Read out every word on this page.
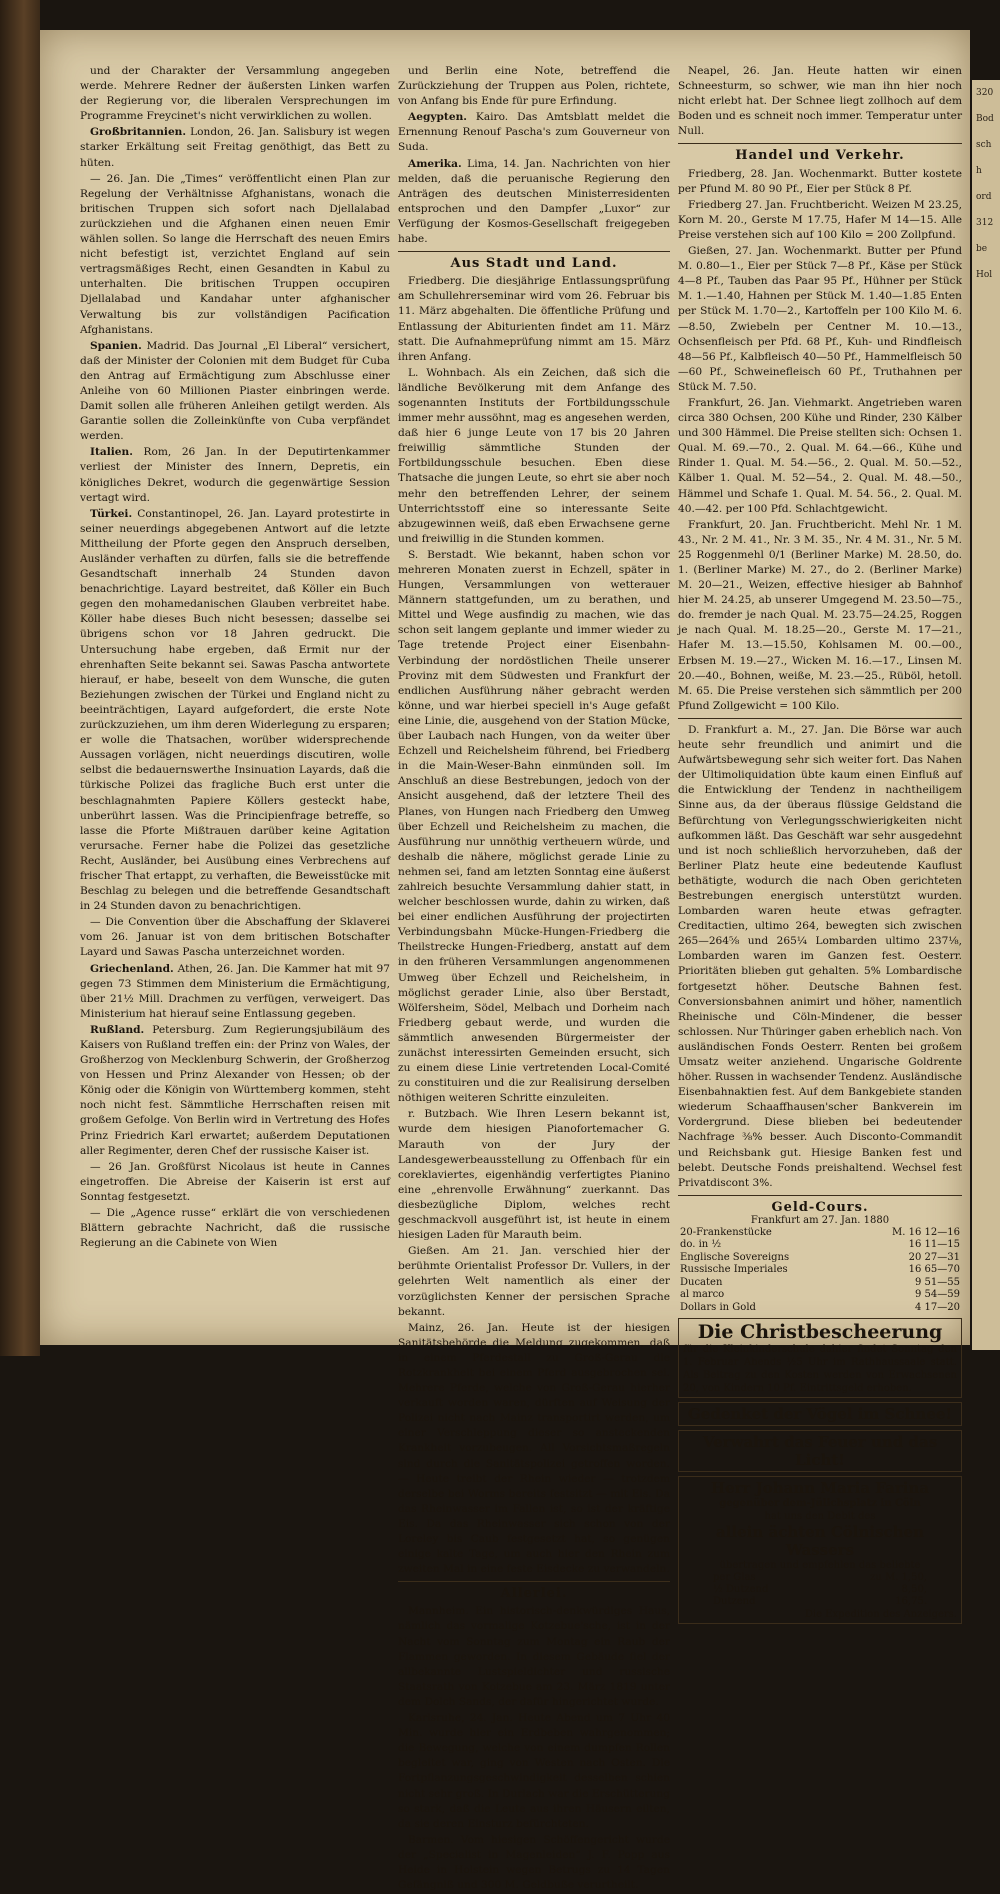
und der Charakter der Versammlung angegeben werde. Mehrere Redner der äußersten Linken warfen der Regierung vor, die liberalen Versprechungen im Programme Freycinet's nicht verwirklichen zu wollen.

Großbritannien. London, 26. Jan. Salisbury ist wegen starker Erkältung seit Freitag genöthigt, das Bett zu hüten.

— 26. Jan. Die „Times“ veröffentlicht einen Plan zur Regelung der Verhältnisse Afghanistans, wonach die britischen Truppen sich sofort nach Djellalabad zurückziehen und die Afghanen einen neuen Emir wählen sollen. So lange die Herrschaft des neuen Emirs nicht befestigt ist, verzichtet England auf sein vertragsmäßiges Recht, einen Gesandten in Kabul zu unterhalten. Die britischen Truppen occupiren Djellalabad und Kandahar unter afghanischer Verwaltung bis zur vollständigen Pacification Afghanistans.

Spanien. Madrid. Das Journal „El Liberal“ versichert, daß der Minister der Colonien mit dem Budget für Cuba den Antrag auf Ermächtigung zum Abschlusse einer Anleihe von 60 Millionen Piaster einbringen werde. Damit sollen alle früheren Anleihen getilgt werden. Als Garantie sollen die Zolleinkünfte von Cuba verpfändet werden.

Italien. Rom, 26 Jan. In der Deputirtenkammer verliest der Minister des Innern, Depretis, ein königliches Dekret, wodurch die gegenwärtige Session vertagt wird.

Türkei. Constantinopel, 26. Jan. Layard protestirte in seiner neuerdings abgegebenen Antwort auf die letzte Mittheilung der Pforte gegen den Anspruch derselben, Ausländer verhaften zu dürfen, falls sie die betreffende Gesandtschaft innerhalb 24 Stunden davon benachrichtige. Layard bestreitet, daß Köller ein Buch gegen den mohamedanischen Glauben verbreitet habe. Köller habe dieses Buch nicht besessen; dasselbe sei übrigens schon vor 18 Jahren gedruckt. Die Untersuchung habe ergeben, daß Ermit nur der ehrenhaften Seite bekannt sei. Sawas Pascha antwortete hierauf, er habe, beseelt von dem Wunsche, die guten Beziehungen zwischen der Türkei und England nicht zu beeinträchtigen, Layard aufgefordert, die erste Note zurückzuziehen, um ihm deren Widerlegung zu ersparen; er wolle die Thatsachen, worüber widersprechende Aussagen vorlägen, nicht neuerdings discutiren, wolle selbst die bedauernswerthe Insinuation Layards, daß die türkische Polizei das fragliche Buch erst unter die beschlagnahmten Papiere Köllers gesteckt habe, unberührt lassen. Was die Principienfrage betreffe, so lasse die Pforte Mißtrauen darüber keine Agitation verursache. Ferner habe die Polizei das gesetzliche Recht, Ausländer, bei Ausübung eines Verbrechens auf frischer That ertappt, zu verhaften, die Beweisstücke mit Beschlag zu belegen und die betreffende Gesandtschaft in 24 Stunden davon zu benachrichtigen.

— Die Convention über die Abschaffung der Sklaverei vom 26. Januar ist von dem britischen Botschafter Layard und Sawas Pascha unterzeichnet worden.

Griechenland. Athen, 26. Jan. Die Kammer hat mit 97 gegen 73 Stimmen dem Ministerium die Ermächtigung, über 21½ Mill. Drachmen zu verfügen, verweigert. Das Ministerium hat hierauf seine Entlassung gegeben.

Rußland. Petersburg. Zum Regierungsjubiläum des Kaisers von Rußland treffen ein: der Prinz von Wales, der Großherzog von Mecklenburg Schwerin, der Großherzog von Hessen und Prinz Alexander von Hessen; ob der König oder die Königin von Württemberg kommen, steht noch nicht fest. Sämmtliche Herrschaften reisen mit großem Gefolge. Von Berlin wird in Vertretung des Hofes Prinz Friedrich Karl erwartet; außerdem Deputationen aller Regimenter, deren Chef der russische Kaiser ist.

— 26 Jan. Großfürst Nicolaus ist heute in Cannes eingetroffen. Die Abreise der Kaiserin ist erst auf Sonntag festgesetzt.

— Die „Agence russe“ erklärt die von verschiedenen Blättern gebrachte Nachricht, daß die russische Regierung an die Cabinete von Wien

und Berlin eine Note, betreffend die Zurückziehung der Truppen aus Polen, richtete, von Anfang bis Ende für pure Erfindung.

Aegypten. Kairo. Das Amtsblatt meldet die Ernennung Renouf Pascha's zum Gouverneur von Suda.

Amerika. Lima, 14. Jan. Nachrichten von hier melden, daß die peruanische Regierung den Anträgen des deutschen Ministerresidenten entsprochen und den Dampfer „Luxor“ zur Verfügung der Kosmos-Gesellschaft freigegeben habe.

Aus Stadt und Land.

Friedberg. Die diesjährige Entlassungsprüfung am Schullehrerseminar wird vom 26. Februar bis 11. März abgehalten. Die öffentliche Prüfung und Entlassung der Abiturienten findet am 11. März statt. Die Aufnahmeprüfung nimmt am 15. März ihren Anfang.

L. Wohnbach. Als ein Zeichen, daß sich die ländliche Bevölkerung mit dem Anfange des sogenannten Instituts der Fortbildungsschule immer mehr aussöhnt, mag es angesehen werden, daß hier 6 junge Leute von 17 bis 20 Jahren freiwillig sämmtliche Stunden der Fortbildungsschule besuchen. Eben diese Thatsache die jungen Leute, so ehrt sie aber noch mehr den betreffenden Lehrer, der seinem Unterrichtsstoff eine so interessante Seite abzugewinnen weiß, daß eben Erwachsene gerne und freiwillig in die Stunden kommen.

S. Berstadt. Wie bekannt, haben schon vor mehreren Monaten zuerst in Echzell, später in Hungen, Versammlungen von wetterauer Männern stattgefunden, um zu berathen, und Mittel und Wege ausfindig zu machen, wie das schon seit langem geplante und immer wieder zu Tage tretende Project einer Eisenbahn-Verbindung der nordöstlichen Theile unserer Provinz mit dem Südwesten und Frankfurt der endlichen Ausführung näher gebracht werden könne, und war hierbei speciell in's Auge gefaßt eine Linie, die, ausgehend von der Station Mücke, über Laubach nach Hungen, von da weiter über Echzell und Reichelsheim führend, bei Friedberg in die Main-Weser-Bahn einmünden soll. Im Anschluß an diese Bestrebungen, jedoch von der Ansicht ausgehend, daß der letztere Theil des Planes, von Hungen nach Friedberg den Umweg über Echzell und Reichelsheim zu machen, die Ausführung nur unnöthig vertheuern würde, und deshalb die nähere, möglichst gerade Linie zu nehmen sei, fand am letzten Sonntag eine äußerst zahlreich besuchte Versammlung dahier statt, in welcher beschlossen wurde, dahin zu wirken, daß bei einer endlichen Ausführung der projectirten Verbindungsbahn Mücke-Hungen-Friedberg die Theilstrecke Hungen-Friedberg, anstatt auf dem in den früheren Versammlungen angenommenen Umweg über Echzell und Reichelsheim, in möglichst gerader Linie, also über Berstadt, Wölfersheim, Södel, Melbach und Dorheim nach Friedberg gebaut werde, und wurden die sämmtlich anwesenden Bürgermeister der zunächst interessirten Gemeinden ersucht, sich zu einem diese Linie vertretenden Local-Comité zu constituiren und die zur Realisirung derselben nöthigen weiteren Schritte einzuleiten.

r. Butzbach. Wie Ihren Lesern bekannt ist, wurde dem hiesigen Pianofortemacher G. Marauth von der Jury der Landesgewerbeausstellung zu Offenbach für ein coreklaviertes, eigenhändig verfertigtes Pianino eine „ehrenvolle Erwähnung“ zuerkannt. Das diesbezügliche Diplom, welches recht geschmackvoll ausgeführt ist, ist heute in einem hiesigen Laden für Marauth beim.

Gießen. Am 21. Jan. verschied hier der berühmte Orientalist Professor Dr. Vullers, in der gelehrten Welt namentlich als einer der vorzüglichsten Kenner der persischen Sprache bekannt.

Mainz, 26. Jan. Heute ist der hiesigen Sanitätsbehörde die Meldung zugekommen, daß in einem Pferdestall zu Groß-Gerau die Rotzkrankheit bei einem Pferd ausgebrochen sei. Mehrere Pferde, welche von Groß-Gerau hierher verkauft worden waren, dürften auf Weisung der Polizei nicht nach Mainz transportirt werden, um einer Verschleppung dieser so ansteckenden Krankheit vorzubeugen. All Vorsichtsmaßregeln sind durch die Sanitätspolizei getroffen worden. — Heute treibt der Rhein wieder — trotzdem derselbe bei Worms bereits festsitzt — mit Eis. Da das Rheinwasser im Fallen ist, so ist der kräftige Eis. Da das Rheinwasser sich schon von der Loreley bis Caub festgesetzt hat, so genügen einige kalte Tage, um auch hier den Rhein zum zweiten Mal in eine feste Eisdecke zu verwandeln.

Allerlei.

Mannheim. Ein historisch-denkwürdiges Haus, nämlich das vormalige Kotzebue'sche, ist in der Nacht vom Sonntag zum Montag ein Raub der Flammen geworden. In diesem Gebäude fiel der allbekannte Lustspieldichter und russische Staatsrath von Kotzebue am 23. März 1819 unter dem Dolch Sands, der dafür hingerichtet wurde.

Karlsruhe, 24. Jan. Heute Abend um 7 Uhr 40 Min. wurde hier ein Erdbeben wahrgenommen; die Bewegung, welche von einem dumpfen Rollen begleitet war, ging von Westen nach Osten. Die Fortpflanzungsgeschwindigkeit desselben schien nicht sehr groß. In Durlach war die Erschütterung so stark, daß die Leute aus ihren Häusern eilten, da sie deren Einsturz befürchteten.

Barmen. Vom hiesigen Schöffengericht wurde der „Specialist in Magenleiden“ J. F. Popp aus Heide in Holstein wegen Betrugs zu 14 Tagen Gefängniß und 300 M. Geldbuße verurtheilt.

Neapel, 26. Jan. Heute hatten wir einen Schneesturm, so schwer, wie man ihn hier noch nicht erlebt hat. Der Schnee liegt zollhoch auf dem Boden und es schneit noch immer. Temperatur unter Null.

Handel und Verkehr.

Friedberg, 28. Jan. Wochenmarkt. Butter kostete per Pfund M. 80 90 Pf., Eier per Stück 8 Pf.

Friedberg 27. Jan. Fruchtbericht. Weizen M 23.25, Korn M. 20., Gerste M 17.75, Hafer M 14—15. Alle Preise verstehen sich auf 100 Kilo = 200 Zollpfund.

Gießen, 27. Jan. Wochenmarkt. Butter per Pfund M. 0.80—1., Eier per Stück 7—8 Pf., Käse per Stück 4—8 Pf., Tauben das Paar 95 Pf., Hühner per Stück M. 1.—1.40, Hahnen per Stück M. 1.40—1.85 Enten per Stück M. 1.70—2., Kartoffeln per 100 Kilo M. 6.—8.50, Zwiebeln per Centner M. 10.—13., Ochsenfleisch per Pfd. 68 Pf., Kuh- und Rindfleisch 48—56 Pf., Kalbfleisch 40—50 Pf., Hammelfleisch 50—60 Pf., Schweinefleisch 60 Pf., Truthahnen per Stück M. 7.50.

Frankfurt, 26. Jan. Viehmarkt. Angetrieben waren circa 380 Ochsen, 200 Kühe und Rinder, 230 Kälber und 300 Hämmel. Die Preise stellten sich: Ochsen 1. Qual. M. 69.—70., 2. Qual. M. 64.—66., Kühe und Rinder 1. Qual. M. 54.—56., 2. Qual. M. 50.—52., Kälber 1. Qual. M. 52—54., 2. Qual. M. 48.—50., Hämmel und Schafe 1. Qual. M. 54. 56., 2. Qual. M. 40.—42. per 100 Pfd. Schlachtgewicht.

Frankfurt, 20. Jan. Fruchtbericht. Mehl Nr. 1 M. 43., Nr. 2 M. 41., Nr. 3 M. 35., Nr. 4 M. 31., Nr. 5 M. 25 Roggenmehl 0/1 (Berliner Marke) M. 28.50, do. 1. (Berliner Marke) M. 27., do 2. (Berliner Marke) M. 20—21., Weizen, effective hiesiger ab Bahnhof hier M. 24.25, ab unserer Umgegend M. 23.50—75., do. fremder je nach Qual. M. 23.75—24.25, Roggen je nach Qual. M. 18.25—20., Gerste M. 17—21., Hafer M. 13.—15.50, Kohlsamen M. 00.—00., Erbsen M. 19.—27., Wicken M. 16.—17., Linsen M. 20.—40., Bohnen, weiße, M. 23.—25., Rüböl, hetoll. M. 65. Die Preise verstehen sich sämmtlich per 200 Pfund Zollgewicht = 100 Kilo.

D. Frankfurt a. M., 27. Jan. Die Börse war auch heute sehr freundlich und animirt und die Aufwärtsbewegung sehr sich weiter fort. Das Nahen der Ultimoliquidation übte kaum einen Einfluß auf die Entwicklung der Tendenz in nachtheiligem Sinne aus, da der überaus flüssige Geldstand die Befürchtung von Verlegungsschwierigkeiten nicht aufkommen läßt. Das Geschäft war sehr ausgedehnt und ist noch schließlich hervorzuheben, daß der Berliner Platz heute eine bedeutende Kauflust bethätigte, wodurch die nach Oben gerichteten Bestrebungen energisch unterstützt wurden. Lombarden waren heute etwas gefragter. Creditactien, ultimo 264, bewegten sich zwischen 265—264⅝ und 265¼ Lombarden ultimo 237⅛, Lombarden waren im Ganzen fest. Oesterr. Prioritäten blieben gut gehalten. 5% Lombardische fortgesetzt höher. Deutsche Bahnen fest. Conversionsbahnen animirt und höher, namentlich Rheinische und Cöln-Mindener, die besser schlossen. Nur Thüringer gaben erheblich nach. Von ausländischen Fonds Oesterr. Renten bei großem Umsatz weiter anziehend. Ungarische Goldrente höher. Russen in wachsender Tendenz. Ausländische Eisenbahnaktien fest. Auf dem Bankgebiete standen wiederum Schaaffhausen'scher Bankverein im Vordergrund. Diese blieben bei bedeutender Nachfrage ⅜% besser. Auch Disconto-Commandit und Reichsbank gut. Hiesige Banken fest und belebt. Deutsche Fonds preishaltend. Wechsel fest Privatdiscont 3%.

Geld-Cours.
Frankfurt am 27. Jan. 1880
20-Frankenstücke	M. 16 12—16
do. in ½	16 11—15
Englische Sovereigns	20 27—31
Russische Imperiales	16 65—70
Ducaten	9 51—55
al marco	9 54—59
Dollars in Gold	4 17—20
Die Christbescheerung
für die Kleinkinderschule dahier findet Sonntag den 1. Februar Abends ½5 Uhr im Rathhaussaale statt. Als Beitrag zu den Kosten werden von Erwachsenen 20, von Kindern 10 Pf. Eintrittsgeld erhoben.
Gedenket der Vögel im Schnee!
Verwahrt das Feuer und das Licht!
Herr Johann Maria Farina
gegenüber dem-Jülichsplatz in Cöln
hat uns den Debit des
allein ächten Cölnischen Wassers
übertragen und empfehlen das beliebte
per Glas	zu M. 1,50,
½ Dutzend	8,50,
Dutzend	16,75.
Die Expedition des Anzeigers.
320
Bod
sch
h
ord
312
be
Hol
